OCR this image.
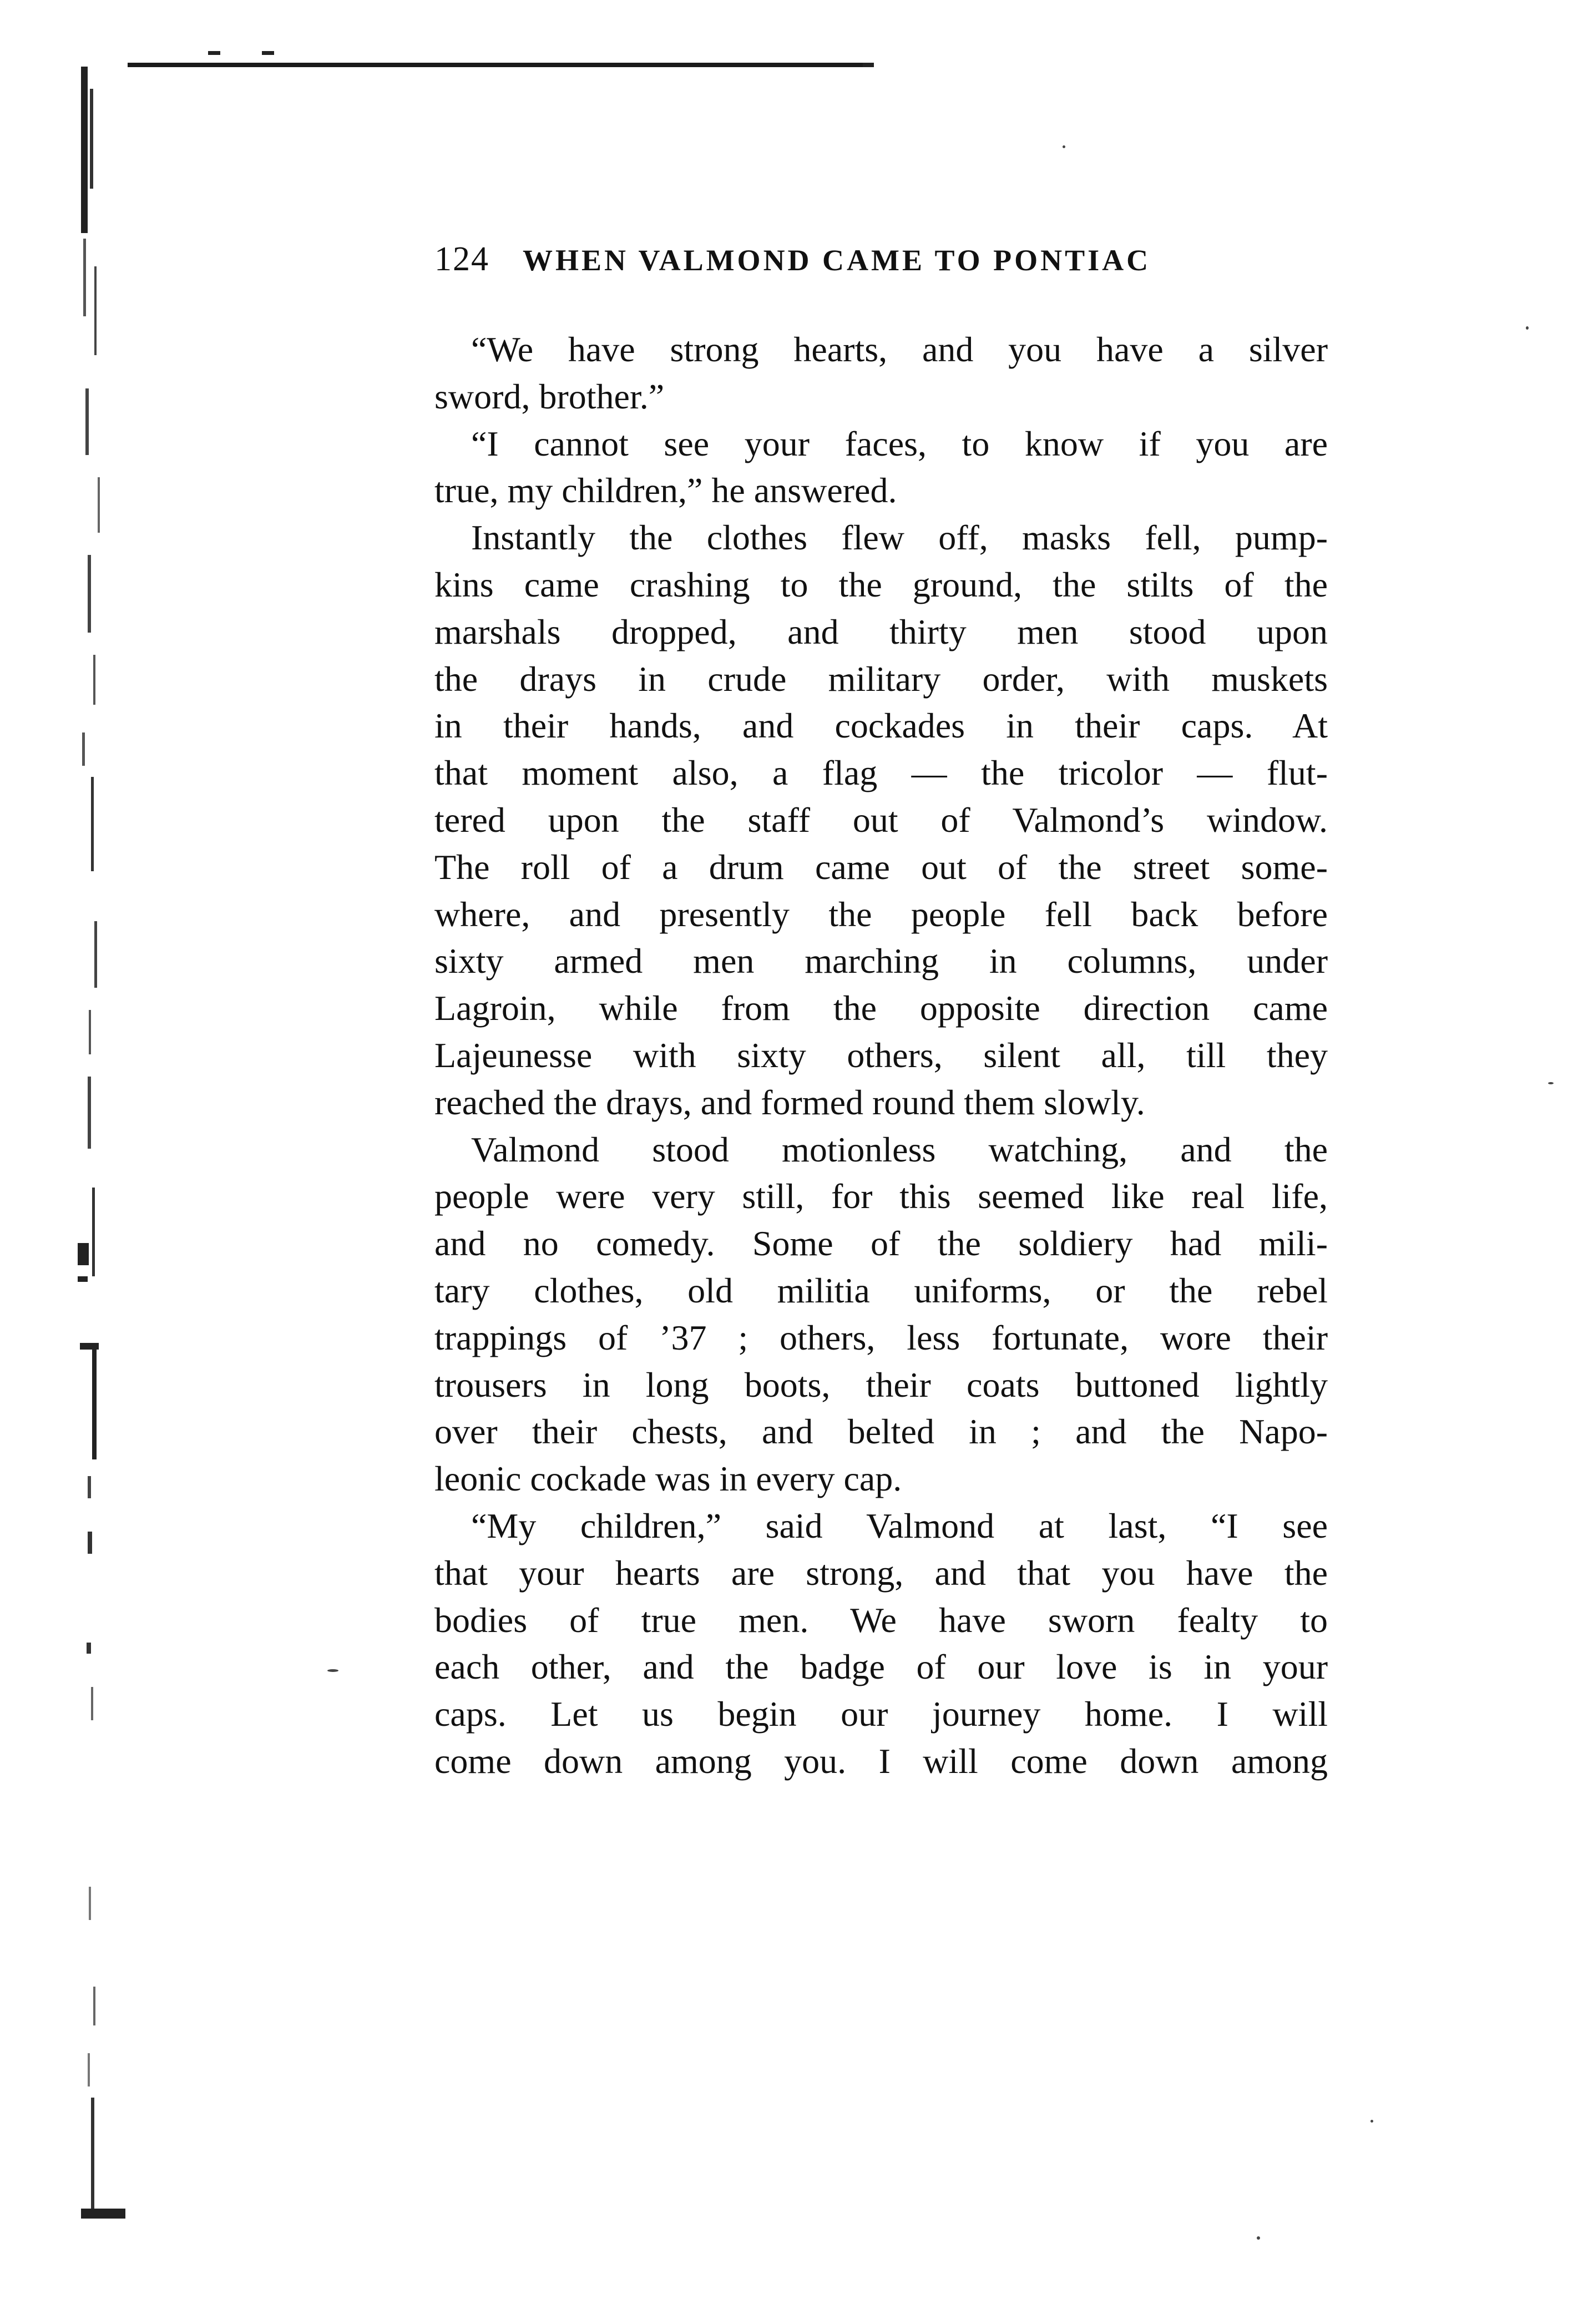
124 WHEN VALMOND CAME TO PONTIAC

“We have strong hearts, and you have a silver
sword, brother.”

“I cannot see your faces, to know if you are
true, my children,” he answered.

Instantly the clothes flew off, masks fell, pump-
kins came crashing to the ground, the stilts of the
marshals dropped, and thirty men stood upon
the drays in crude military order, with muskets
in their hands, and cockades in their caps. At
that moment also, a flag — the tricolor — flut-
tered upon the staff out of Valmond’s window.
The roll of a drum came out of the street some-
where, and presently the people fell back before
sixty armed men marching in columns, under
Lagroin, while from the opposite direction came
Lajeunesse with sixty others, silent all, till they
reached the drays, and formed round them slowly.

Valmond stood motionless watching, and the
people were very still, for this seemed like real life,
and no comedy. Some of the soldiery had mili-
tary clothes, old militia uniforms, or the rebel
trappings of ’37 ; others, less fortunate, wore their
trousers in long boots, their coats buttoned lightly
over their chests, and belted in ; and the Napo-
leonic cockade was in every cap.

“My children,” said Valmond at last, “I see
that your hearts are strong, and that you have the
bodies of true men. We have sworn fealty to
each other, and the badge of our love is in your
caps. Let us begin our journey home. I will
come down among you. I will come down among
